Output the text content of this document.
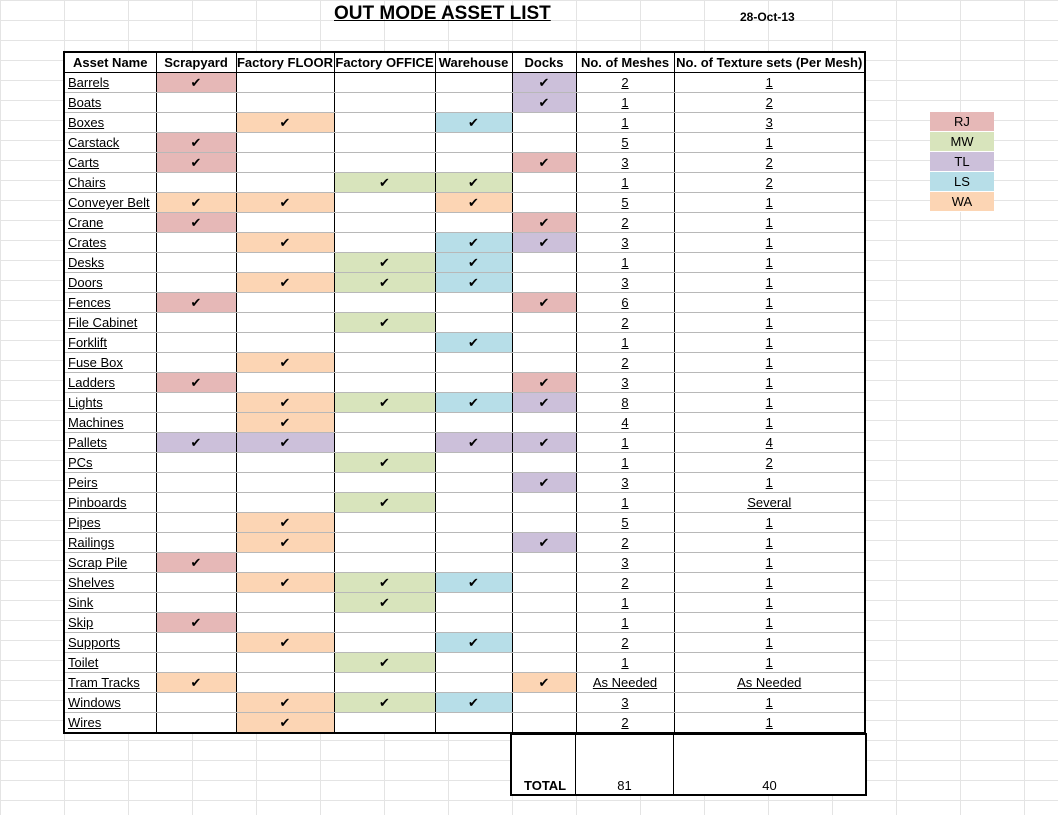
OUT MODE ASSET LIST	28-Oct-13
Asset Name	Scrapyard	Factory FLOOR	Factory OFFICE	Warehouse	Docks	No. of Meshes	No. of Texture sets (Per Mesh)
Barrels	✔				✔	2	1
Boats					✔	1	2
Boxes		✔		✔		1	3
Carstack	✔					5	1
Carts	✔				✔	3	2
Chairs			✔	✔		1	2
Conveyer Belt	✔	✔		✔		5	1
Crane	✔				✔	2	1
Crates		✔		✔	✔	3	1
Desks			✔	✔		1	1
Doors		✔	✔	✔		3	1
Fences	✔				✔	6	1
File Cabinet			✔			2	1
Forklift				✔		1	1
Fuse Box		✔				2	1
Ladders	✔				✔	3	1
Lights		✔	✔	✔	✔	8	1
Machines		✔				4	1
Pallets	✔	✔		✔	✔	1	4
PCs			✔			1	2
Peirs					✔	3	1
Pinboards			✔			1	Several
Pipes		✔				5	1
Railings		✔			✔	2	1
Scrap Pile	✔					3	1
Shelves		✔	✔	✔		2	1
Sink			✔			1	1
Skip	✔					1	1
Supports		✔		✔		2	1
Toilet			✔			1	1
Tram Tracks	✔				✔	As Needed	As Needed
Windows		✔	✔	✔		3	1
Wires		✔				2	1
TOTAL	81	40
RJ
MW
TL
LS
WA
